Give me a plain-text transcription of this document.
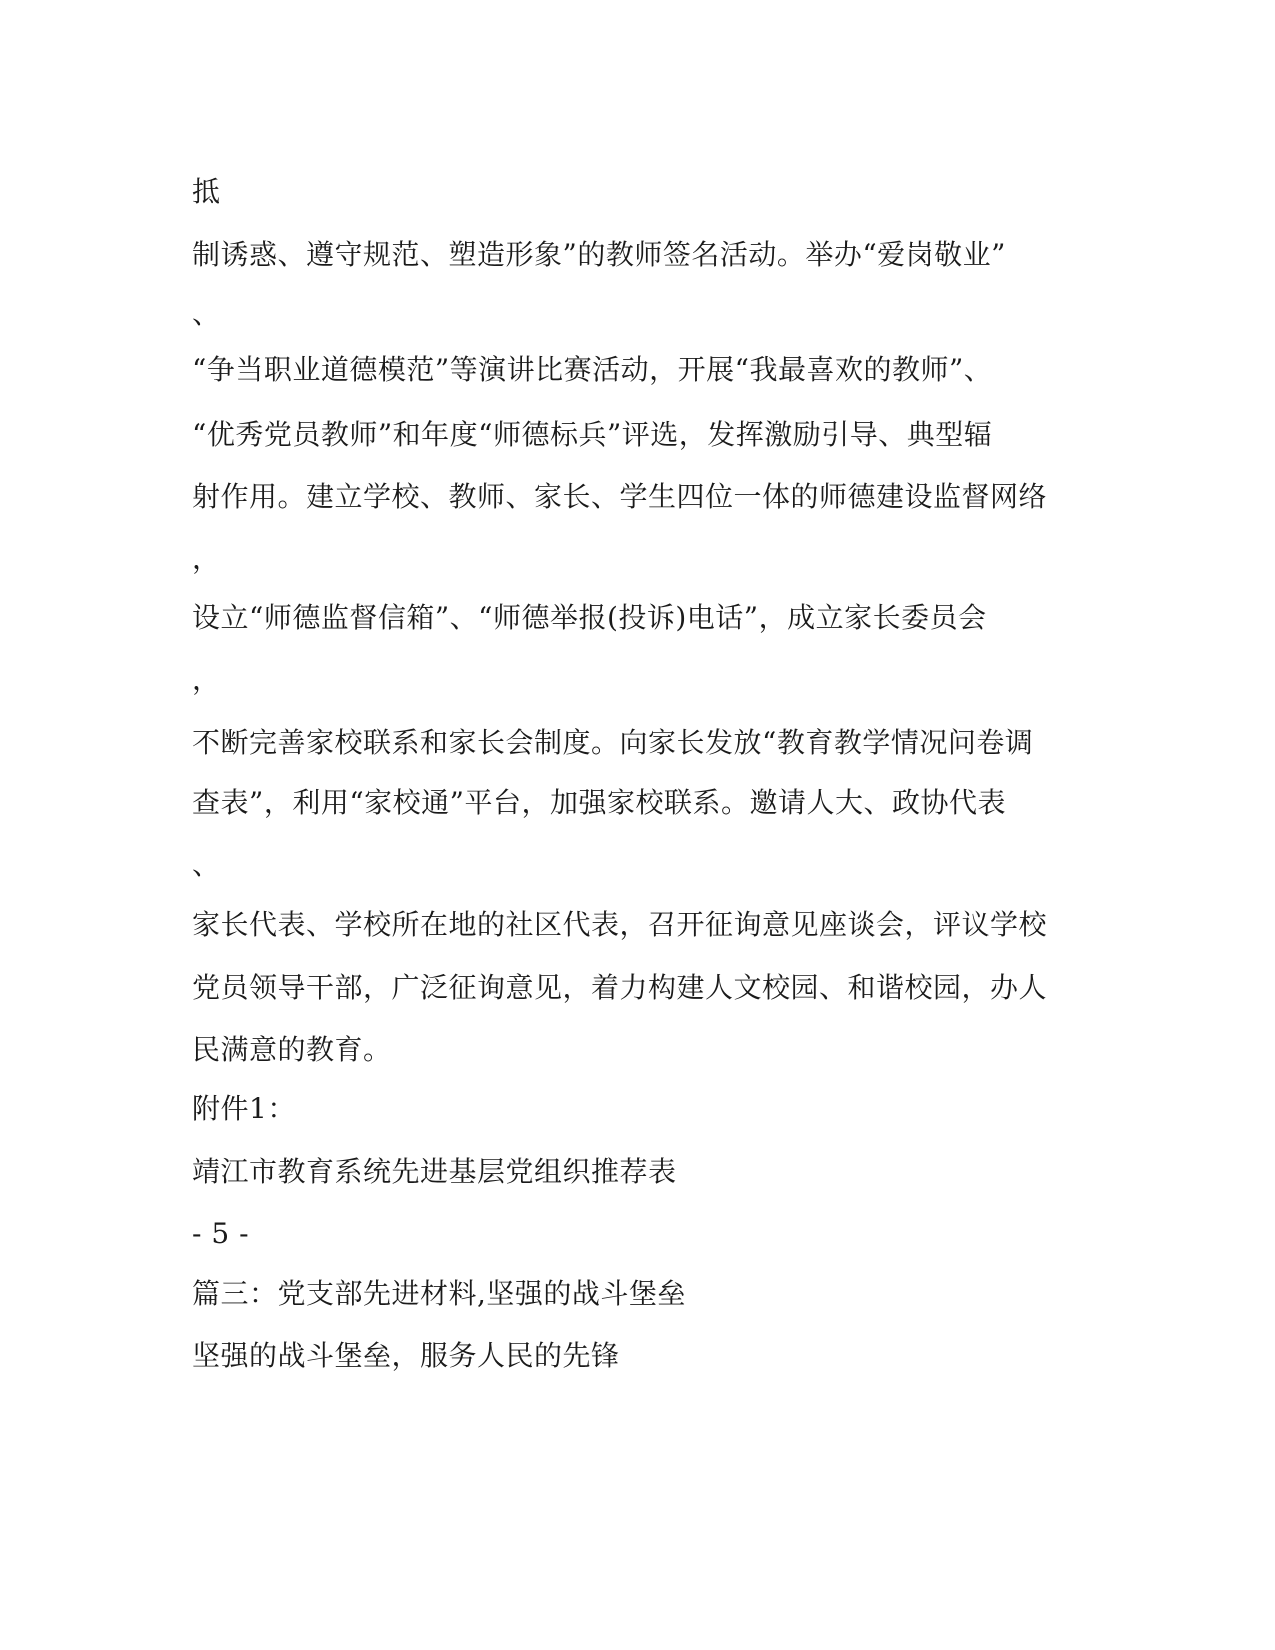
抵
制诱惑、遵守规范、塑造形象”的教师签名活动。举办“爱岗敬业”
、
“争当职业道德模范”等演讲比赛活动，开展“我最喜欢的教师”、
“优秀党员教师”和年度“师德标兵”评选，发挥激励引导、典型辐
射作用。建立学校、教师、家长、学生四位一体的师德建设监督网络
，
设立“师德监督信箱”、“师德举报(投诉)电话”，成立家长委员会
，
不断完善家校联系和家长会制度。向家长发放“教育教学情况问卷调
查表”，利用“家校通”平台，加强家校联系。邀请人大、政协代表
、
家长代表、学校所在地的社区代表，召开征询意见座谈会，评议学校
党员领导干部，广泛征询意见，着力构建人文校园、和谐校园，办人
民满意的教育。
附件1：
靖江市教育系统先进基层党组织推荐表
- 5 -
篇三：党支部先进材料,坚强的战斗堡垒
坚强的战斗堡垒，服务人民的先锋
